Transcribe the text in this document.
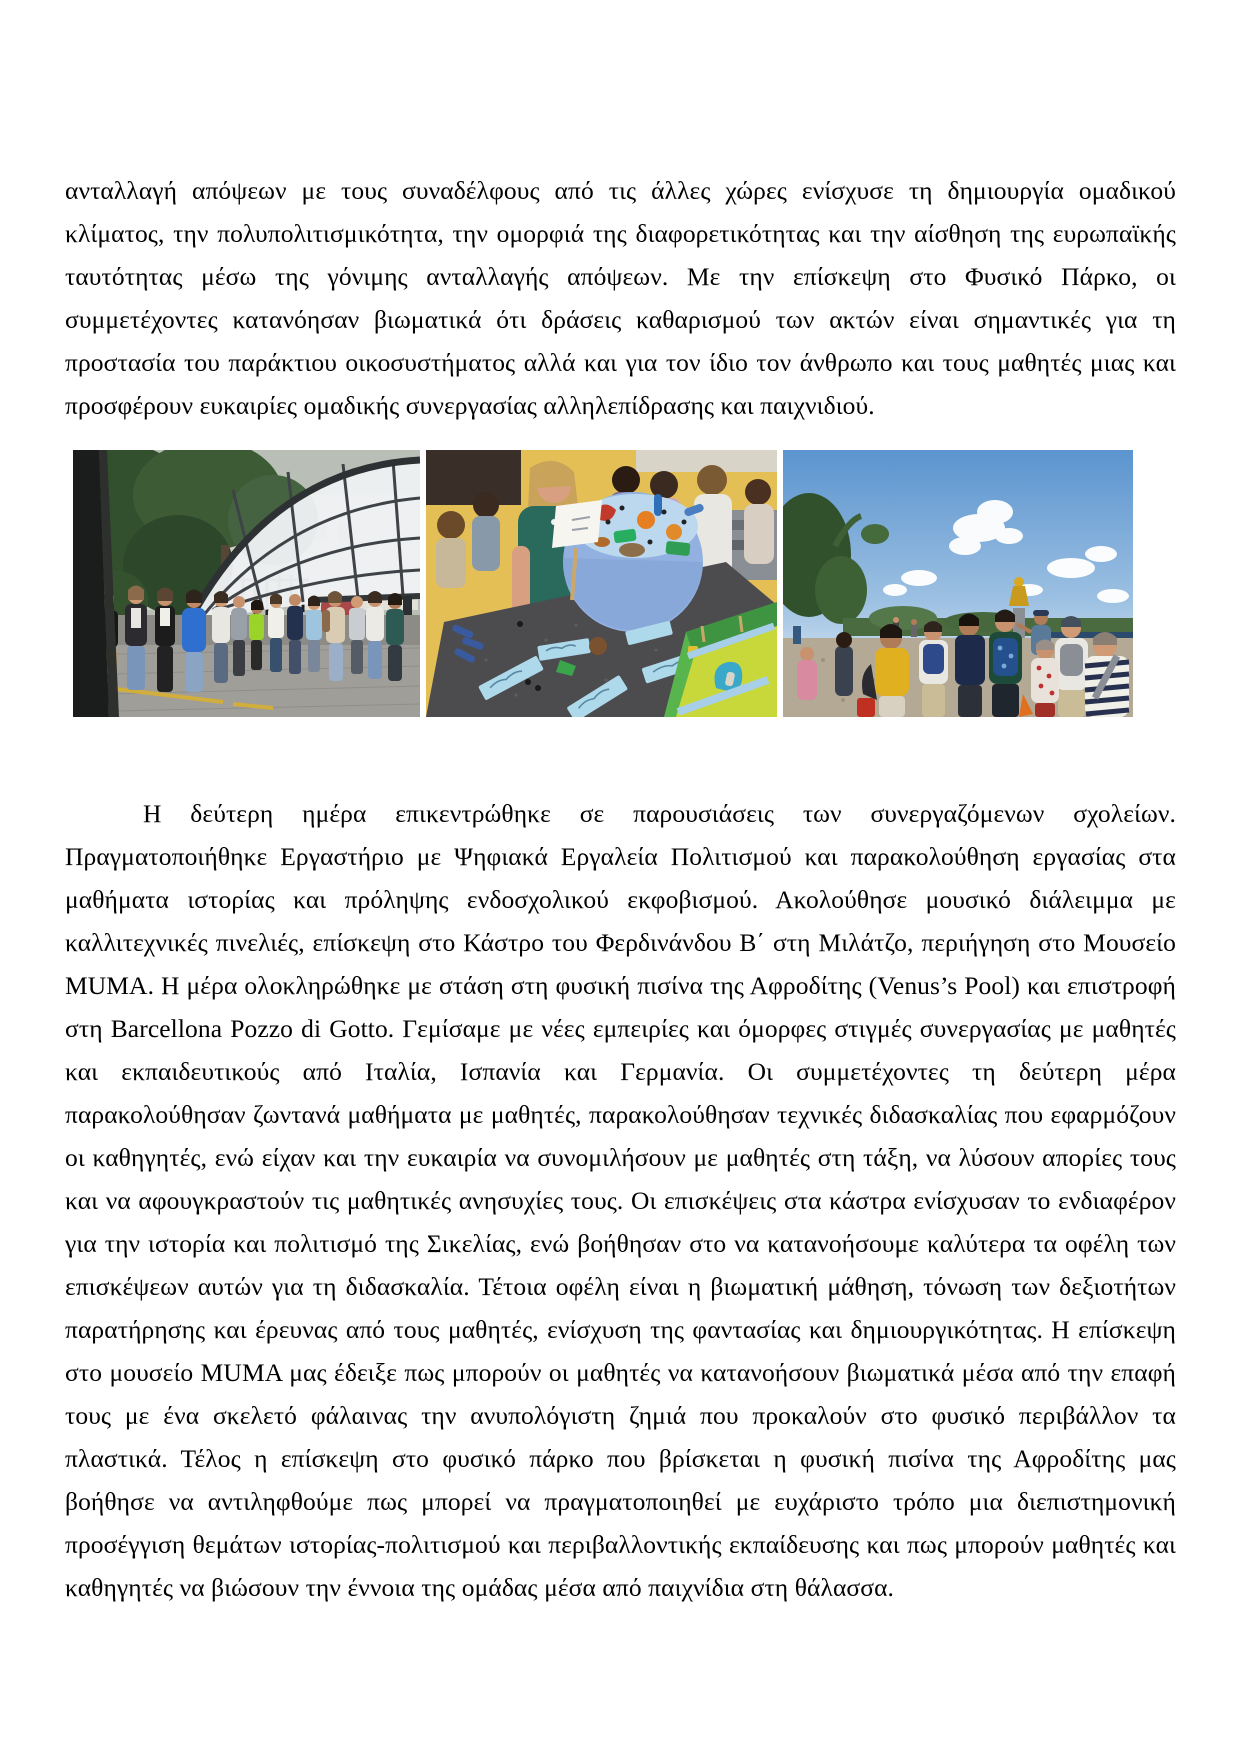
ανταλλαγή απόψεων με τους συναδέλφους από τις άλλες χώρες ενίσχυσε τη δημιουργία ομαδικού κλίματος, την πολυπολιτισμικότητα, την ομορφιά της διαφορετικότητας και την αίσθηση της ευρωπαϊκής ταυτότητας μέσω της γόνιμης ανταλλαγής απόψεων. Με την επίσκεψη στο Φυσικό Πάρκο, οι συμμετέχοντες κατανόησαν βιωματικά ότι δράσεις καθαρισμού των ακτών είναι σημαντικές για τη προστασία του παράκτιου οικοσυστήματος αλλά και για τον ίδιο τον άνθρωπο και τους μαθητές μιας και προσφέρουν ευκαιρίες ομαδικής συνεργασίας αλληλεπίδρασης και παιχνιδιού.

Η δεύτερη ημέρα επικεντρώθηκε σε παρουσιάσεις των συνεργαζόμενων σχολείων. Πραγματοποιήθηκε Εργαστήριο με Ψηφιακά Εργαλεία Πολιτισμού και παρακολούθηση εργασίας στα μαθήματα ιστορίας και πρόληψης ενδοσχολικού εκφοβισμού. Ακολούθησε μουσικό διάλειμμα με καλλιτεχνικές πινελιές, επίσκεψη στο Κάστρο του Φερδινάνδου Β΄ στη Μιλάτζο, περιήγηση στο Μουσείο MUMA. Η μέρα ολοκληρώθηκε με στάση στη φυσική πισίνα της Αφροδίτης (Venus’s Pool) και επιστροφή στη Barcellona Pozzo di Gotto. Γεμίσαμε με νέες εμπειρίες και όμορφες στιγμές συνεργασίας με μαθητές και εκπαιδευτικούς από Ιταλία, Ισπανία και Γερμανία. Οι συμμετέχοντες τη δεύτερη μέρα παρακολούθησαν ζωντανά μαθήματα με μαθητές, παρακολούθησαν τεχνικές διδασκαλίας που εφαρμόζουν οι καθηγητές, ενώ είχαν και την ευκαιρία να συνομιλήσουν με μαθητές στη τάξη, να λύσουν απορίες τους και να αφουγκραστούν τις μαθητικές ανησυχίες τους. Οι επισκέψεις στα κάστρα ενίσχυσαν το ενδιαφέρον για την ιστορία και πολιτισμό της Σικελίας, ενώ βοήθησαν στο να κατανοήσουμε καλύτερα τα οφέλη των επισκέψεων αυτών για τη διδασκαλία. Τέτοια οφέλη είναι η βιωματική μάθηση, τόνωση των δεξιοτήτων παρατήρησης και έρευνας από τους μαθητές, ενίσχυση της φαντασίας και δημιουργικότητας. Η επίσκεψη στο μουσείο MUMA μας έδειξε πως μπορούν οι μαθητές να κατανοήσουν βιωματικά μέσα από την επαφή τους με ένα σκελετό φάλαινας την ανυπολόγιστη ζημιά που προκαλούν στο φυσικό περιβάλλον τα πλαστικά. Τέλος η επίσκεψη στο φυσικό πάρκο που βρίσκεται η φυσική πισίνα της Αφροδίτης μας βοήθησε να αντιληφθούμε πως μπορεί να πραγματοποιηθεί με ευχάριστο τρόπο μια διεπιστημονική προσέγγιση θεμάτων ιστορίας-πολιτισμού και περιβαλλοντικής εκπαίδευσης και πως μπορούν μαθητές και καθηγητές να βιώσουν την έννοια της ομάδας μέσα από παιχνίδια στη θάλασσα.
